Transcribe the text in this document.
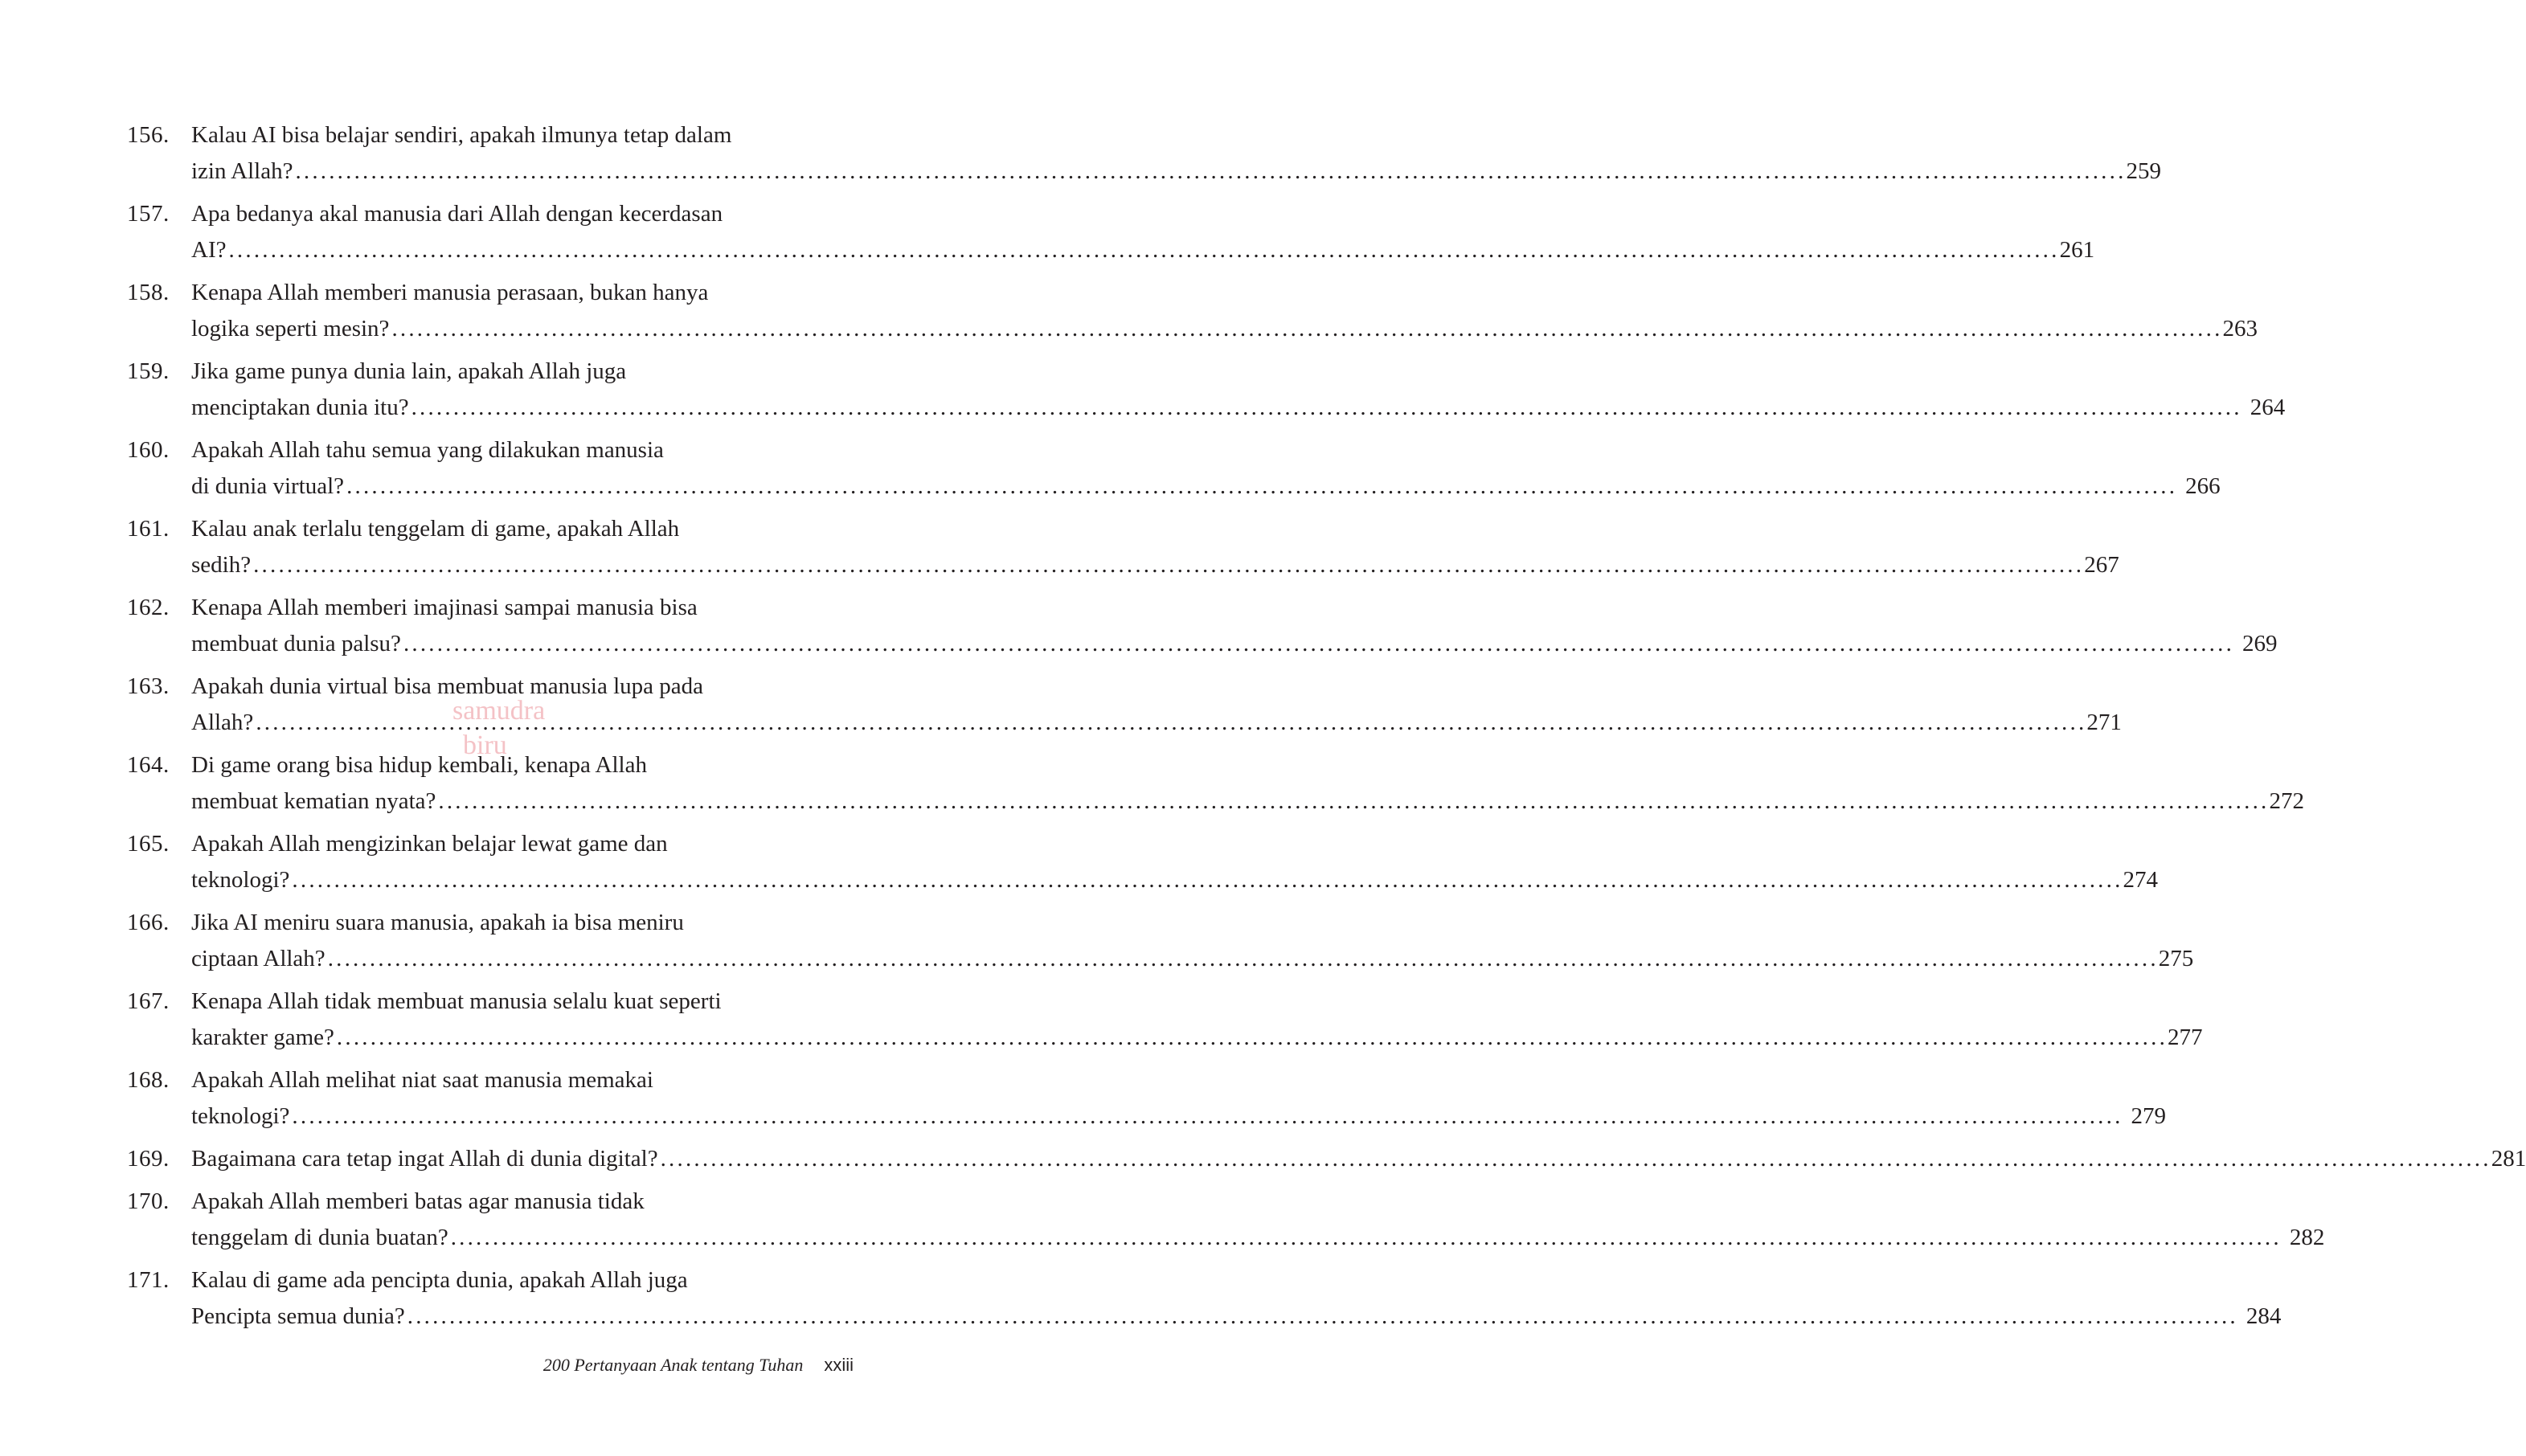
156. Kalau AI bisa belajar sendiri, apakah ilmunya tetap dalam
izin Allah? .....	259
157. Apa bedanya akal manusia dari Allah dengan kecerdasan
AI? .....	261
158. Kenapa Allah memberi manusia perasaan, bukan hanya
logika seperti mesin? .....	263
159. Jika game punya dunia lain, apakah Allah juga
menciptakan dunia itu? .....	264
160. Apakah Allah tahu semua yang dilakukan manusia
di dunia virtual? .....	266
161. Kalau anak terlalu tenggelam di game, apakah Allah
sedih? .....	267
162. Kenapa Allah memberi imajinasi sampai manusia bisa
membuat dunia palsu? .....	269
163. Apakah dunia virtual bisa membuat manusia lupa pada
Allah? .....	271
164. Di game orang bisa hidup kembali, kenapa Allah
membuat kematian nyata? .....	272
165. Apakah Allah mengizinkan belajar lewat game dan
teknologi? .....	274
166. Jika AI meniru suara manusia, apakah ia bisa meniru
ciptaan Allah? .....	275
167. Kenapa Allah tidak membuat manusia selalu kuat seperti
karakter game? .....	277
168. Apakah Allah melihat niat saat manusia memakai
teknologi? .....	279
169. Bagaimana cara tetap ingat Allah di dunia digital? .....	281
170. Apakah Allah memberi batas agar manusia tidak
tenggelam di dunia buatan? .....	282
171. Kalau di game ada pencipta dunia, apakah Allah juga
Pencipta semua dunia? .....	284
samudra
biru
200 Pertanyaan Anak tentang Tuhan xxiii
